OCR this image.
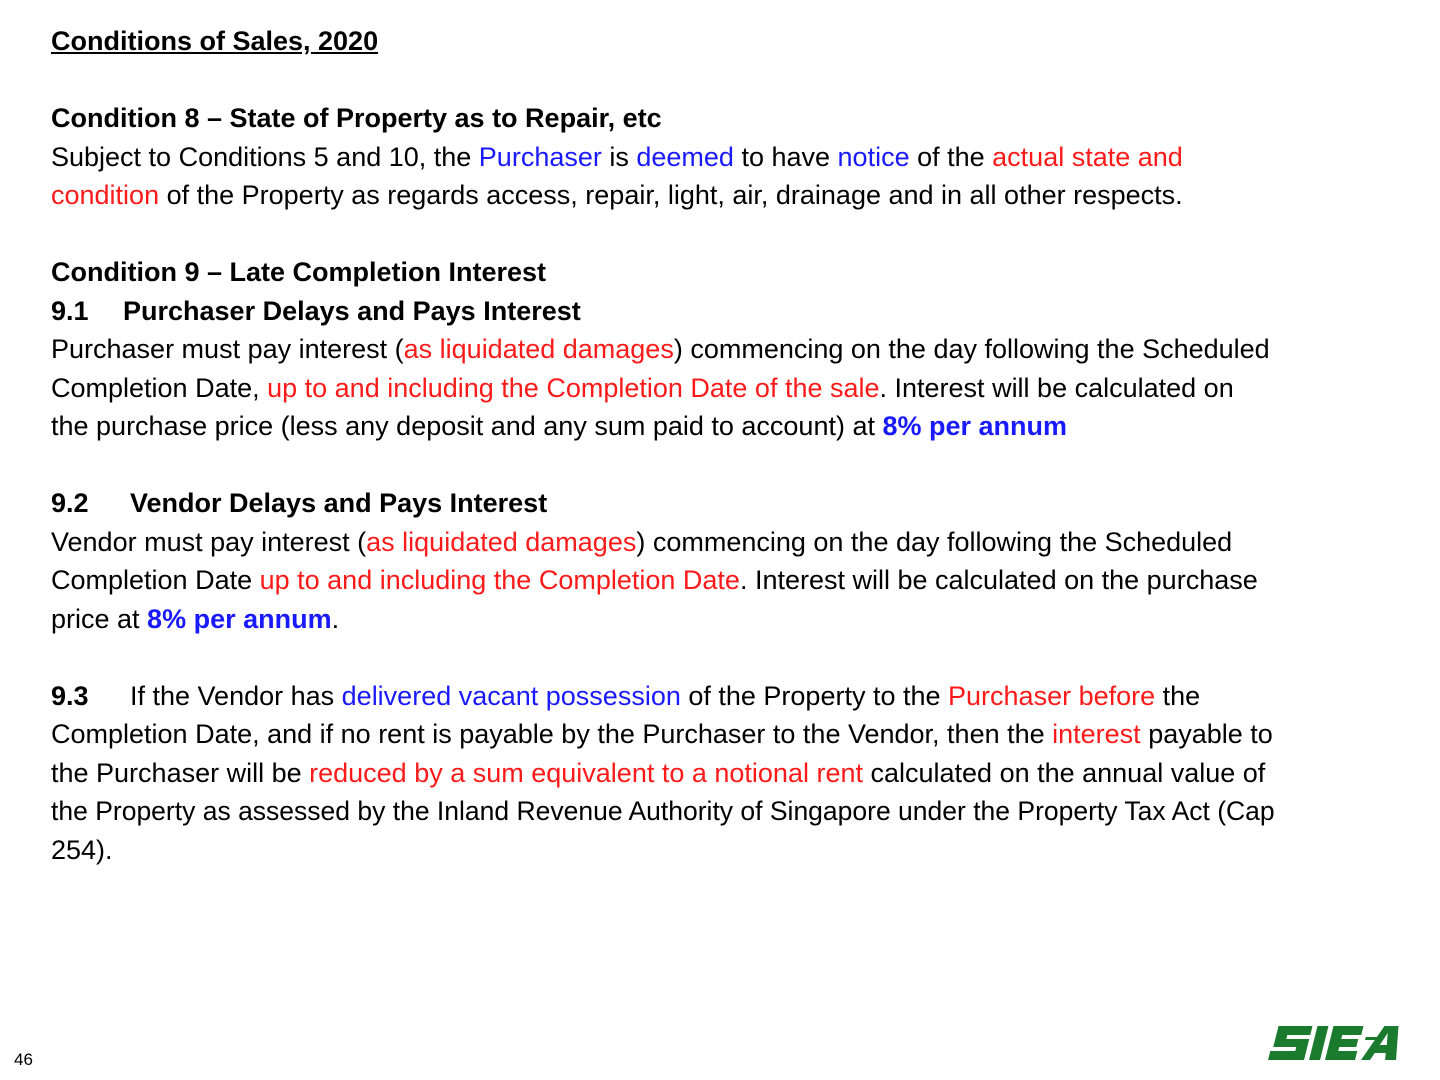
Conditions of Sales, 2020
Condition 8 – State of Property as to Repair, etc
Subject to Conditions 5 and 10, the Purchaser is deemed to have notice of the actual state and
condition of the Property as regards access, repair, light, air, drainage and in all other respects.
Condition 9 – Late Completion Interest
9.1 Purchaser Delays and Pays Interest
Purchaser must pay interest (as liquidated damages) commencing on the day following the Scheduled
Completion Date, up to and including the Completion Date of the sale. Interest will be calculated on
the purchase price (less any deposit and any sum paid to account) at 8% per annum
9.2 Vendor Delays and Pays Interest
Vendor must pay interest (as liquidated damages) commencing on the day following the Scheduled
Completion Date up to and including the Completion Date. Interest will be calculated on the purchase
price at 8% per annum.
9.3 If the Vendor has delivered vacant possession of the Property to the Purchaser before the
Completion Date, and if no rent is payable by the Purchaser to the Vendor, then the interest payable to
the Purchaser will be reduced by a sum equivalent to a notional rent calculated on the annual value of
the Property as assessed by the Inland Revenue Authority of Singapore under the Property Tax Act (Cap
254).
46
